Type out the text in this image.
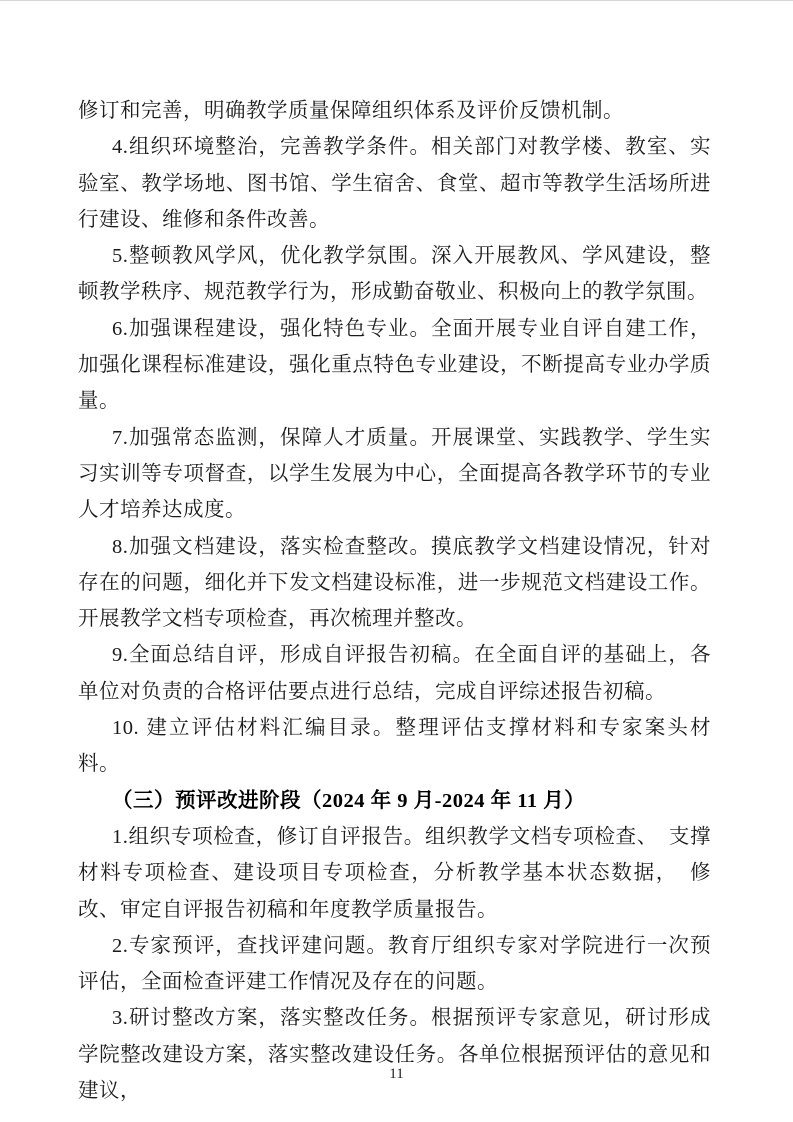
修订和完善，明确教学质量保障组织体系及评价反馈机制。

4.组织环境整治，完善教学条件。相关部门对教学楼、教室、实验室、教学场地、图书馆、学生宿舍、食堂、超市等教学生活场所进行建设、维修和条件改善。

5.整顿教风学风，优化教学氛围。深入开展教风、学风建设，整顿教学秩序、规范教学行为，形成勤奋敬业、积极向上的教学氛围。

6.加强课程建设，强化特色专业。全面开展专业自评自建工作，加强化课程标准建设，强化重点特色专业建设，不断提高专业办学质量。

7.加强常态监测，保障人才质量。开展课堂、实践教学、学生实习实训等专项督查，以学生发展为中心，全面提高各教学环节的专业人才培养达成度。

8.加强文档建设，落实检查整改。摸底教学文档建设情况，针对存在的问题，细化并下发文档建设标准，进一步规范文档建设工作。开展教学文档专项检查，再次梳理并整改。

9.全面总结自评，形成自评报告初稿。在全面自评的基础上，各单位对负责的合格评估要点进行总结，完成自评综述报告初稿。

10. 建立评估材料汇编目录。整理评估支撑材料和专家案头材料。

（三）预评改进阶段（2024 年 9 月-2024 年 11 月）

1.组织专项检查，修订自评报告。组织教学文档专项检查、　支撑材料专项检查、建设项目专项检查，分析教学基本状态数据，　修改、审定自评报告初稿和年度教学质量报告。

2.专家预评，查找评建问题。教育厅组织专家对学院进行一次预评估，全面检查评建工作情况及存在的问题。

3.研讨整改方案，落实整改任务。根据预评专家意见，研讨形成学院整改建设方案，落实整改建设任务。各单位根据预评估的意见和建议，

11
